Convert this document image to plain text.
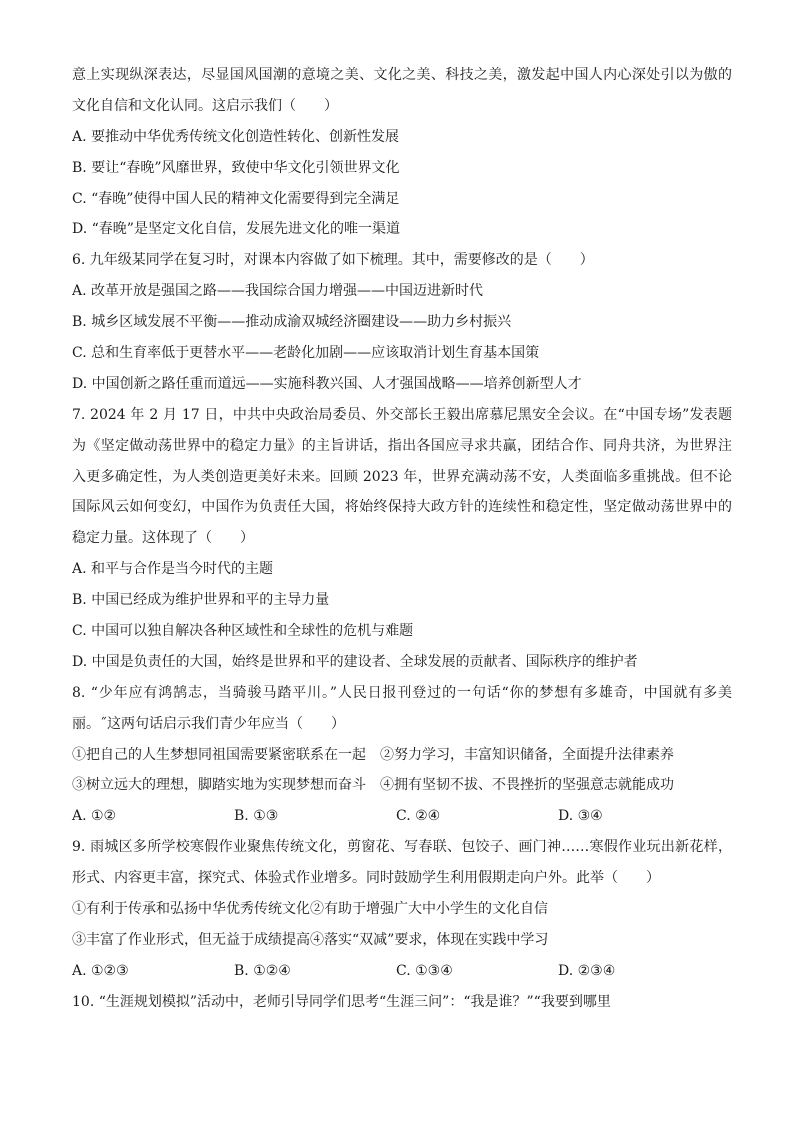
意上实现纵深表达，尽显国风国潮的意境之美、文化之美、科技之美，激发起中国人内心深处引以为傲的
文化自信和文化认同。这启示我们（　　）
A. 要推动中华优秀传统文化创造性转化、创新性发展
B. 要让“春晚”风靡世界，致使中华文化引领世界文化
C. “春晚”使得中国人民的精神文化需要得到完全满足
D. “春晚”是坚定文化自信，发展先进文化的唯一渠道
6. 九年级某同学在复习时，对课本内容做了如下梳理。其中，需要修改的是（　　）
A. 改革开放是强国之路——我国综合国力增强——中国迈进新时代
B. 城乡区域发展不平衡——推动成渝双城经济圈建设——助力乡村振兴
C. 总和生育率低于更替水平——老龄化加剧——应该取消计划生育基本国策
D. 中国创新之路任重而道远——实施科教兴国、人才强国战略——培养创新型人才
7. 2024 年 2 月 17 日，中共中央政治局委员、外交部长王毅出席慕尼黑安全会议。在“中国专场”发表题
为《坚定做动荡世界中的稳定力量》的主旨讲话，指出各国应寻求共赢，团结合作、同舟共济，为世界注
入更多确定性，为人类创造更美好未来。回顾 2023 年，世界充满动荡不安，人类面临多重挑战。但不论
国际风云如何变幻，中国作为负责任大国，将始终保持大政方针的连续性和稳定性，坚定做动荡世界中的
稳定力量。这体现了（　　）
A. 和平与合作是当今时代的主题
B. 中国已经成为维护世界和平的主导力量
C. 中国可以独自解决各种区域性和全球性的危机与难题
D. 中国是负责任的大国，始终是世界和平的建设者、全球发展的贡献者、国际秩序的维护者
8. “少年应有鸿鹄志，当骑骏马踏平川。”人民日报刊登过的一句话“你的梦想有多雄奇，中国就有多美
丽。˝这两句话启示我们青少年应当（　　）
①把自己的人生梦想同祖国需要紧密联系在一起　②努力学习，丰富知识储备，全面提升法律素养
③树立远大的理想，脚踏实地为实现梦想而奋斗　④拥有坚韧不拔、不畏挫折的坚强意志就能成功
A. ①②	B. ①③	C. ②④	D. ③④
9. 雨城区多所学校寒假作业聚焦传统文化，剪窗花、写春联、包饺子、画门神……寒假作业玩出新花样，
形式、内容更丰富，探究式、体验式作业增多。同时鼓励学生利用假期走向户外。此举（　　）
①有利于传承和弘扬中华优秀传统文化②有助于增强广大中小学生的文化自信
③丰富了作业形式，但无益于成绩提高④落实“双减”要求，体现在实践中学习
A. ①②③	B. ①②④	C. ①③④	D. ②③④
10. “生涯规划模拟”活动中，老师引导同学们思考“生涯三问”：“我是谁？”“我要到哪里
